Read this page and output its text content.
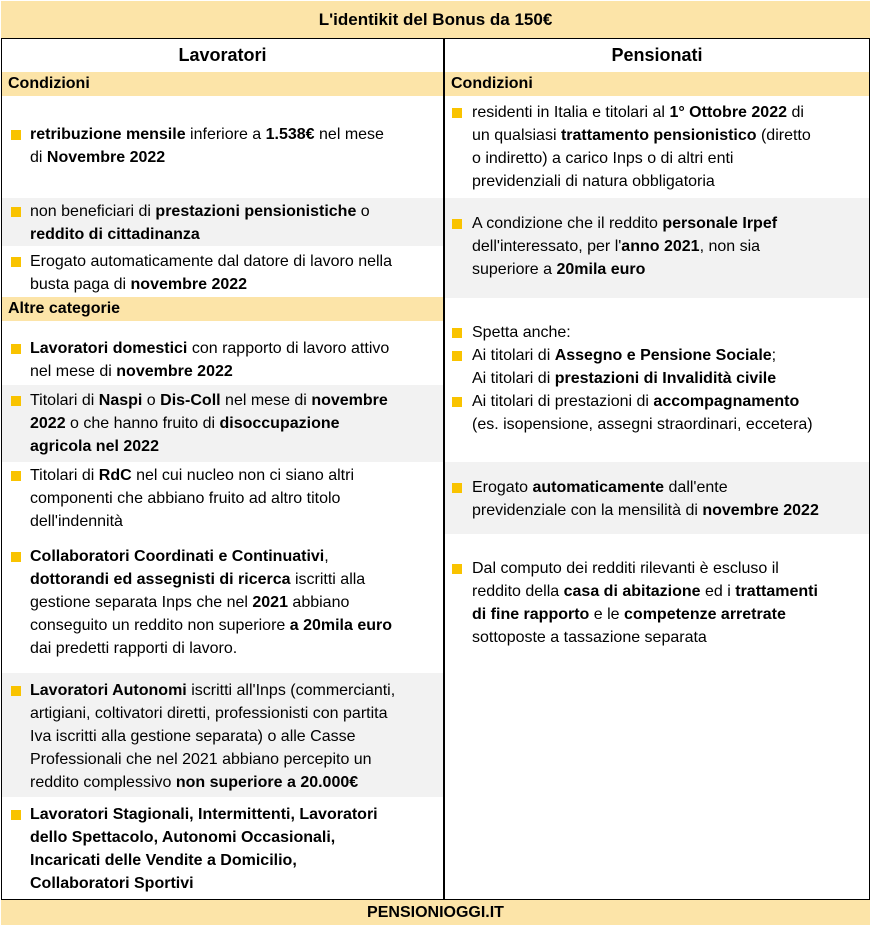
L'identikit del Bonus da 150€
Lavoratori	Pensionati
Condizioni
Altre categorie
Condizioni
retribuzione mensile inferiore a 1.538€ nel mese
di Novembre 2022
non beneficiari di prestazioni pensionistiche o
reddito di cittadinanza
Erogato automaticamente dal datore di lavoro nella
busta paga di novembre 2022
Lavoratori domestici con rapporto di lavoro attivo
nel mese di novembre 2022
Titolari di Naspi o Dis-Coll nel mese di novembre
2022 o che hanno fruito di disoccupazione
agricola nel 2022
Titolari di RdC nel cui nucleo non ci siano altri
componenti che abbiano fruito ad altro titolo
dell'indennità
Collaboratori Coordinati e Continuativi,
dottorandi ed assegnisti di ricerca iscritti alla
gestione separata Inps che nel 2021 abbiano
conseguito un reddito non superiore a 20mila euro
dai predetti rapporti di lavoro.
Lavoratori Autonomi iscritti all'Inps (commercianti,
artigiani, coltivatori diretti, professionisti con partita
Iva iscritti alla gestione separata) o alle Casse
Professionali che nel 2021 abbiano percepito un
reddito complessivo non superiore a 20.000€
Lavoratori Stagionali, Intermittenti, Lavoratori
dello Spettacolo, Autonomi Occasionali,
Incaricati delle Vendite a Domicilio,
Collaboratori Sportivi
residenti in Italia e titolari al 1° Ottobre 2022 di
un qualsiasi trattamento pensionistico (diretto
o indiretto) a carico Inps o di altri enti
previdenziali di natura obbligatoria
A condizione che il reddito personale Irpef
dell'interessato, per l'anno 2021, non sia
superiore a 20mila euro
Spetta anche:
Ai titolari di Assegno e Pensione Sociale;
Ai titolari di prestazioni di Invalidità civile
Ai titolari di prestazioni di accompagnamento
(es. isopensione, assegni straordinari, eccetera)
Erogato automaticamente dall'ente
previdenziale con la mensilità di novembre 2022
Dal computo dei redditi rilevanti è escluso il
reddito della casa di abitazione ed i trattamenti
di fine rapporto e le competenze arretrate
sottoposte a tassazione separata
PENSIONIOGGI.IT
